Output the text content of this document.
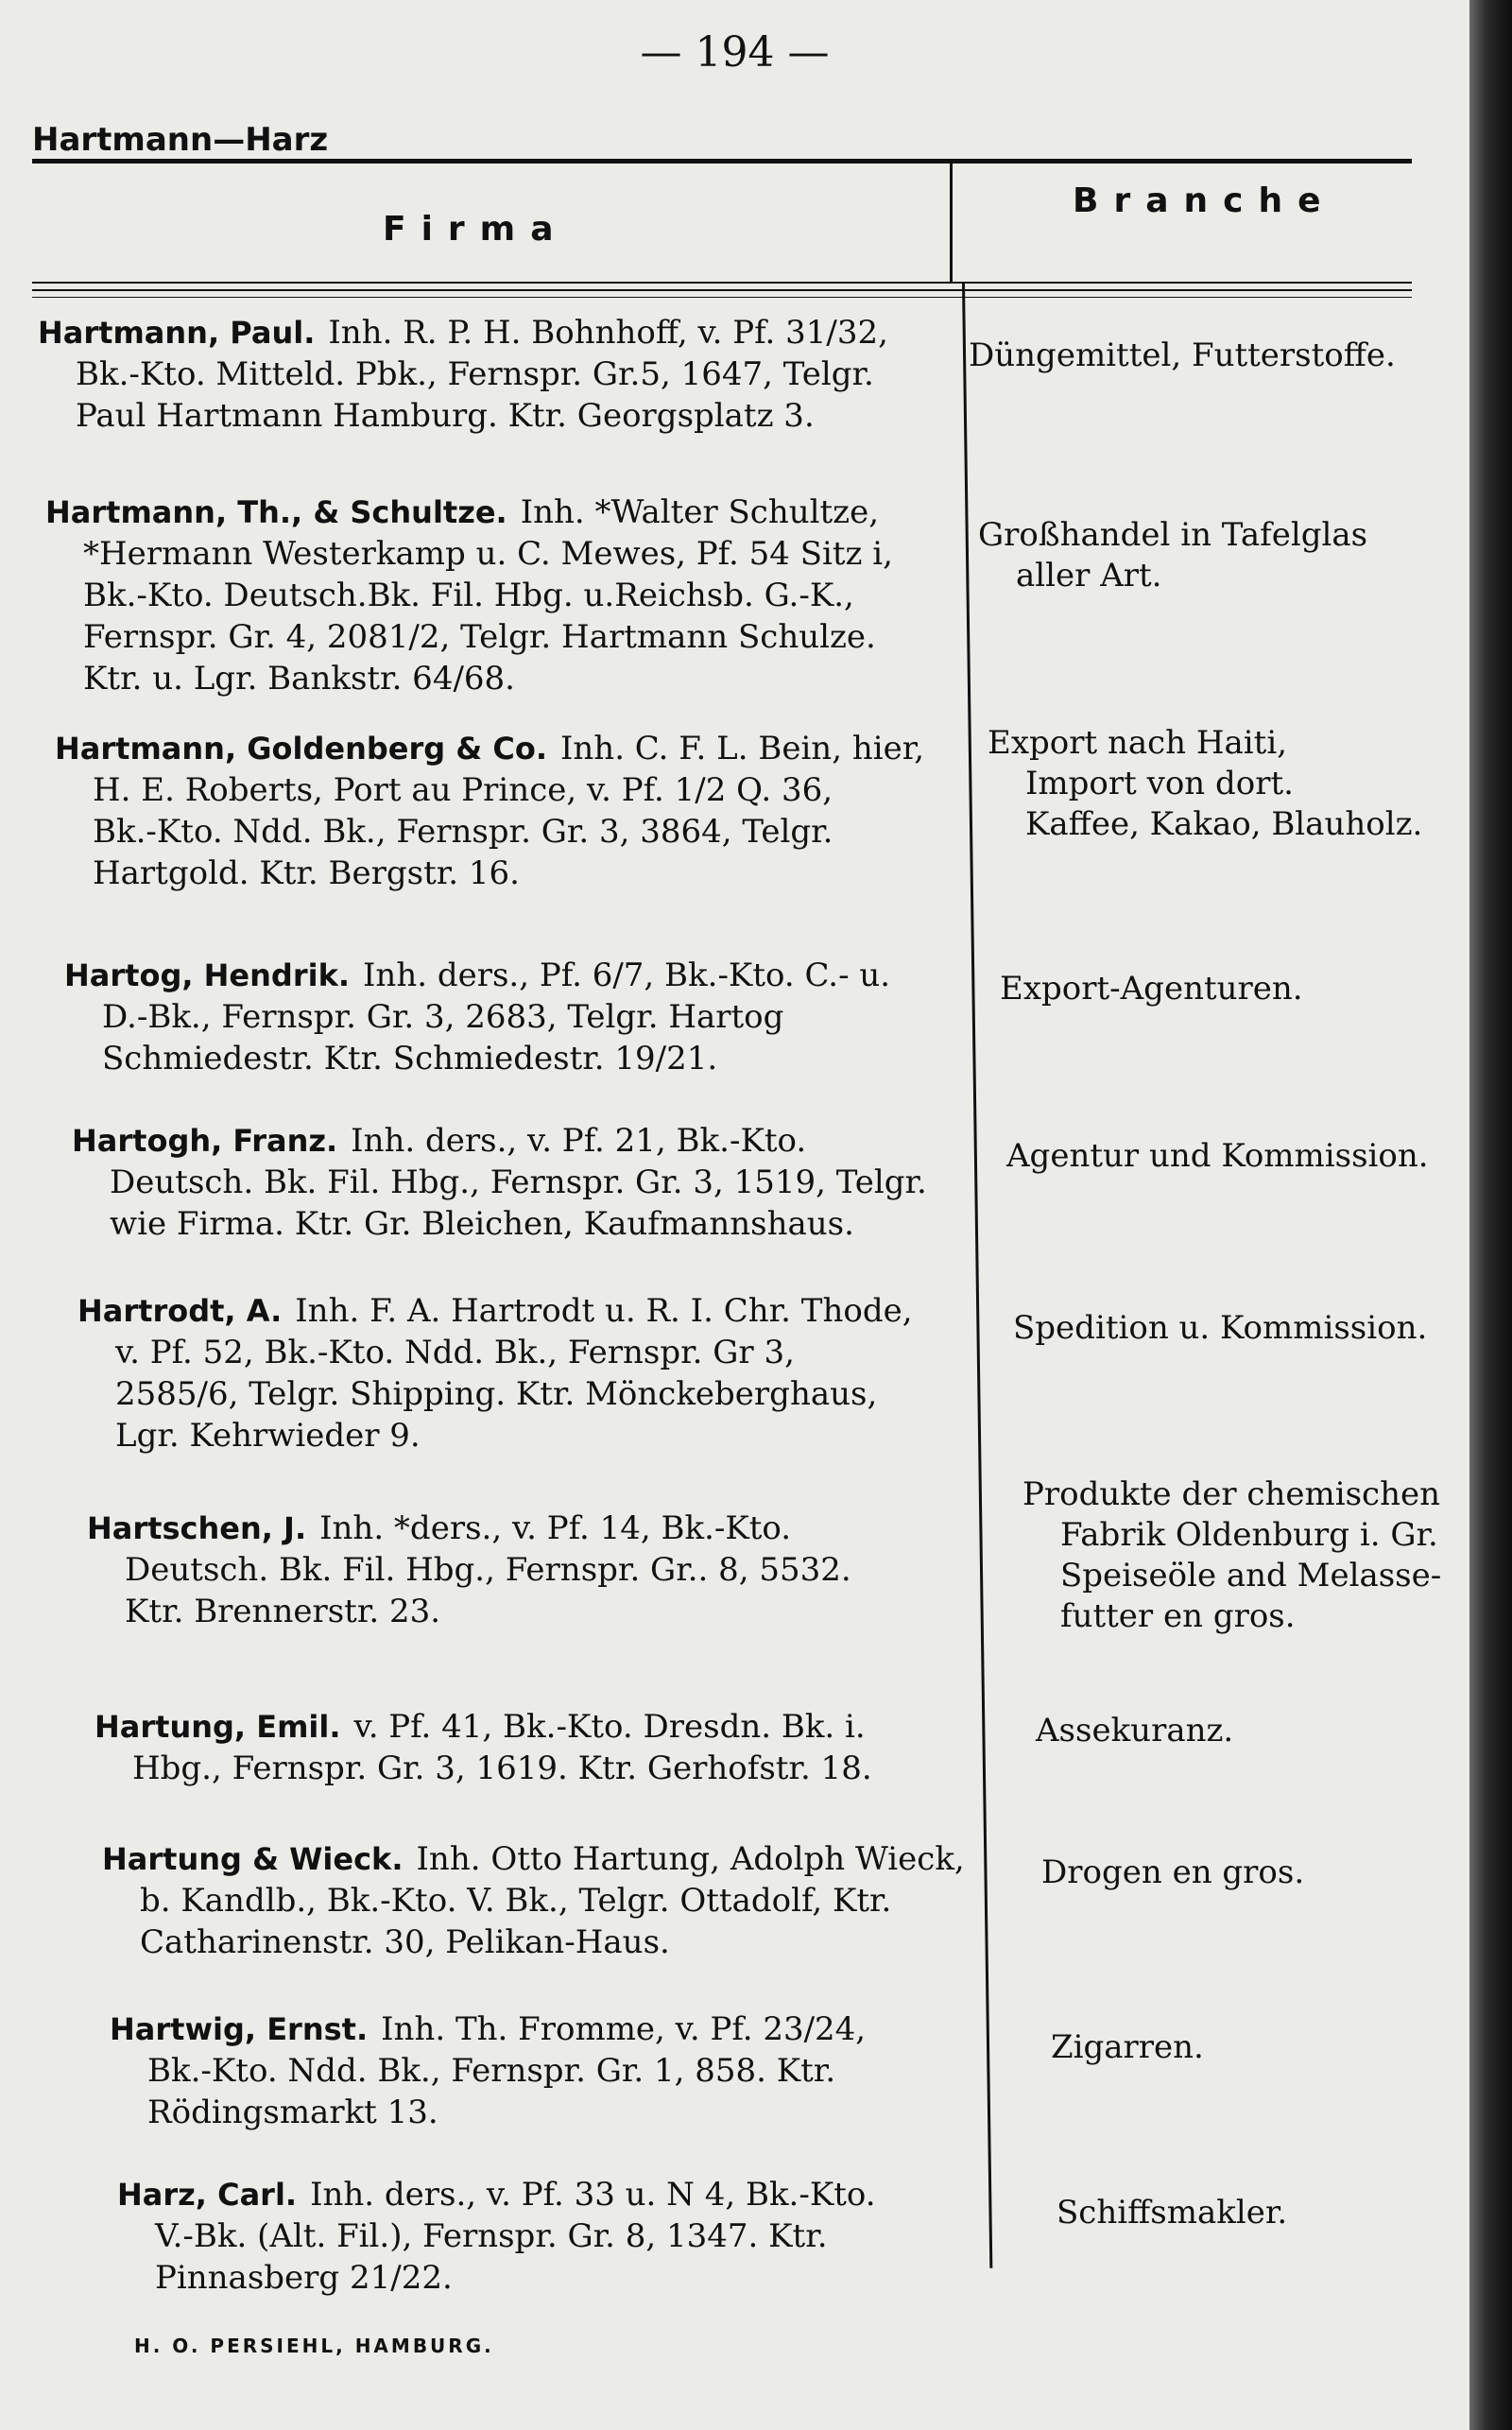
— 194 —
Hartmann—Harz
Firma
Branche
Hartmann, Paul. Inh. R. P. H. Bohnhoff, v. Pf. 31/32,
Bk.-Kto. Mitteld. Pbk., Fernspr. Gr.5, 1647, Telgr.
Paul Hartmann Hamburg. Ktr. Georgsplatz 3.
Düngemittel, Futterstoffe.
Hartmann, Th., & Schultze. Inh. *Walter Schultze,
*Hermann Westerkamp u. C. Mewes, Pf. 54 Sitz i,
Bk.-Kto. Deutsch.Bk. Fil. Hbg. u.Reichsb. G.-K.,
Fernspr. Gr. 4, 2081/2, Telgr. Hartmann Schulze.
Ktr. u. Lgr. Bankstr. 64/68.
Großhandel in Tafelglas
aller Art.
Hartmann, Goldenberg & Co. Inh. C. F. L. Bein, hier,
H. E. Roberts, Port au Prince, v. Pf. 1/2 Q. 36,
Bk.-Kto. Ndd. Bk., Fernspr. Gr. 3, 3864, Telgr.
Hartgold. Ktr. Bergstr. 16.
Export nach Haiti,
Import von dort.
Kaffee, Kakao, Blauholz.
Hartog, Hendrik. Inh. ders., Pf. 6/7, Bk.-Kto. C.- u.
D.-Bk., Fernspr. Gr. 3, 2683, Telgr. Hartog
Schmiedestr. Ktr. Schmiedestr. 19/21.
Export-Agenturen.
Hartogh, Franz. Inh. ders., v. Pf. 21, Bk.-Kto.
Deutsch. Bk. Fil. Hbg., Fernspr. Gr. 3, 1519, Telgr.
wie Firma. Ktr. Gr. Bleichen, Kaufmannshaus.
Agentur und Kommission.
Hartrodt, A. Inh. F. A. Hartrodt u. R. I. Chr. Thode,
v. Pf. 52, Bk.-Kto. Ndd. Bk., Fernspr. Gr 3,
2585/6, Telgr. Shipping. Ktr. Mönckeberghaus,
Lgr. Kehrwieder 9.
Spedition u. Kommission.
Hartschen, J. Inh. *ders., v. Pf. 14, Bk.-Kto.
Deutsch. Bk. Fil. Hbg., Fernspr. Gr.. 8, 5532.
Ktr. Brennerstr. 23.
Produkte der chemischen
Fabrik Oldenburg i. Gr.
Speiseöle and Melasse-
futter en gros.
Hartung, Emil. v. Pf. 41, Bk.-Kto. Dresdn. Bk. i.
Hbg., Fernspr. Gr. 3, 1619. Ktr. Gerhofstr. 18.
Assekuranz.
Hartung & Wieck. Inh. Otto Hartung, Adolph Wieck,
b. Kandlb., Bk.-Kto. V. Bk., Telgr. Ottadolf, Ktr.
Catharinenstr. 30, Pelikan-Haus.
Drogen en gros.
Hartwig, Ernst. Inh. Th. Fromme, v. Pf. 23/24,
Bk.-Kto. Ndd. Bk., Fernspr. Gr. 1, 858. Ktr.
Rödingsmarkt 13.
Zigarren.
Harz, Carl. Inh. ders., v. Pf. 33 u. N 4, Bk.-Kto.
V.-Bk. (Alt. Fil.), Fernspr. Gr. 8, 1347. Ktr.
Pinnasberg 21/22.
Schiffsmakler.
H. O. PERSIEHL, HAMBURG.
